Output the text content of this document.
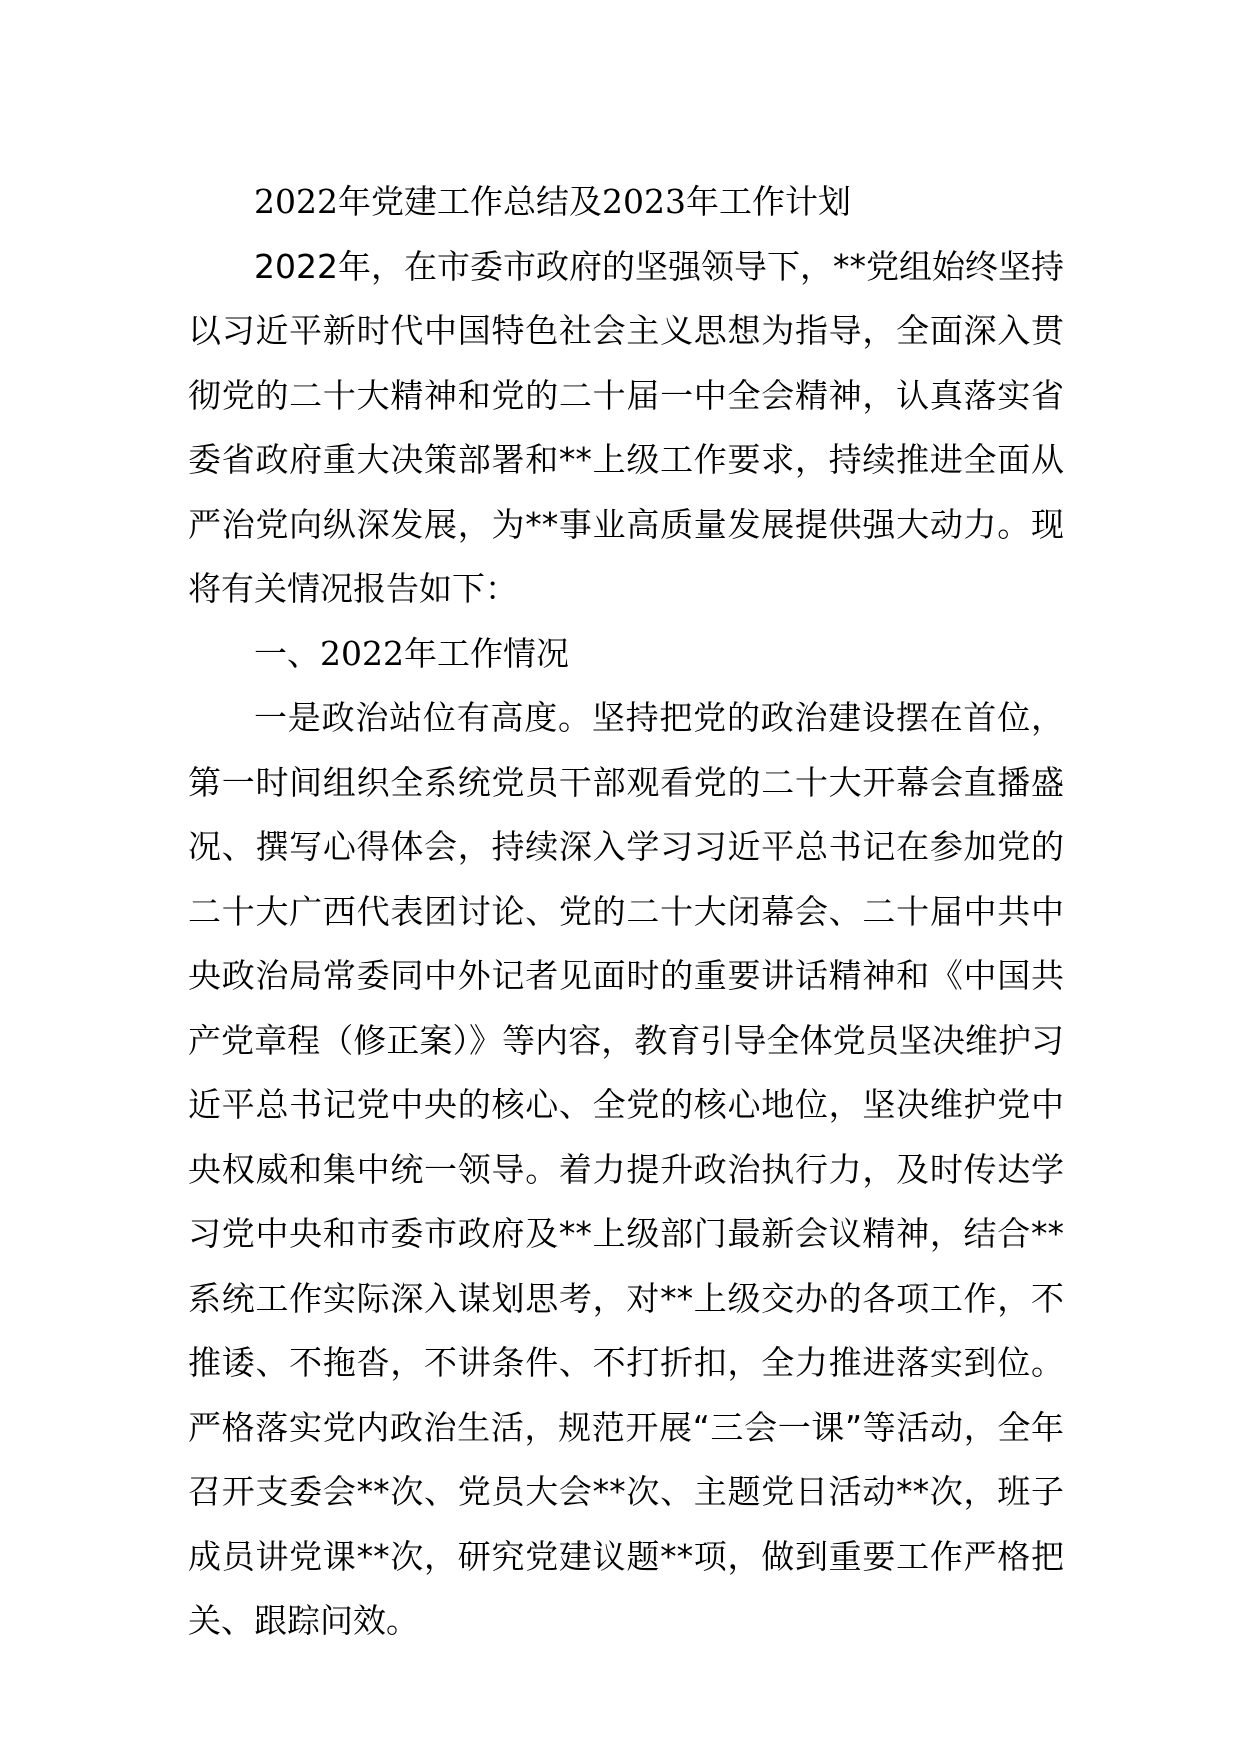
2022年党建工作总结及2023年工作计划

2022年，在市委市政府的坚强领导下，**党组始终坚持以习近平新时代中国特色社会主义思想为指导，全面深入贯彻党的二十大精神和党的二十届一中全会精神，认真落实省委省政府重大决策部署和**上级工作要求，持续推进全面从严治党向纵深发展，为**事业高质量发展提供强大动力。现将有关情况报告如下：

一、2022年工作情况

一是政治站位有高度。坚持把党的政治建设摆在首位，第一时间组织全系统党员干部观看党的二十大开幕会直播盛况、撰写心得体会，持续深入学习习近平总书记在参加党的二十大广西代表团讨论、党的二十大闭幕会、二十届中共中央政治局常委同中外记者见面时的重要讲话精神和《中国共产党章程（修正案）》等内容，教育引导全体党员坚决维护习近平总书记党中央的核心、全党的核心地位，坚决维护党中央权威和集中统一领导。着力提升政治执行力，及时传达学习党中央和市委市政府及**上级部门最新会议精神，结合**系统工作实际深入谋划思考，对**上级交办的各项工作，不推诿、不拖沓，不讲条件、不打折扣，全力推进落实到位。严格落实党内政治生活，规范开展“三会一课”等活动，全年召开支委会**次、党员大会**次、主题党日活动**次，班子成员讲党课**次，研究党建议题**项，做到重要工作严格把关、跟踪问效。
